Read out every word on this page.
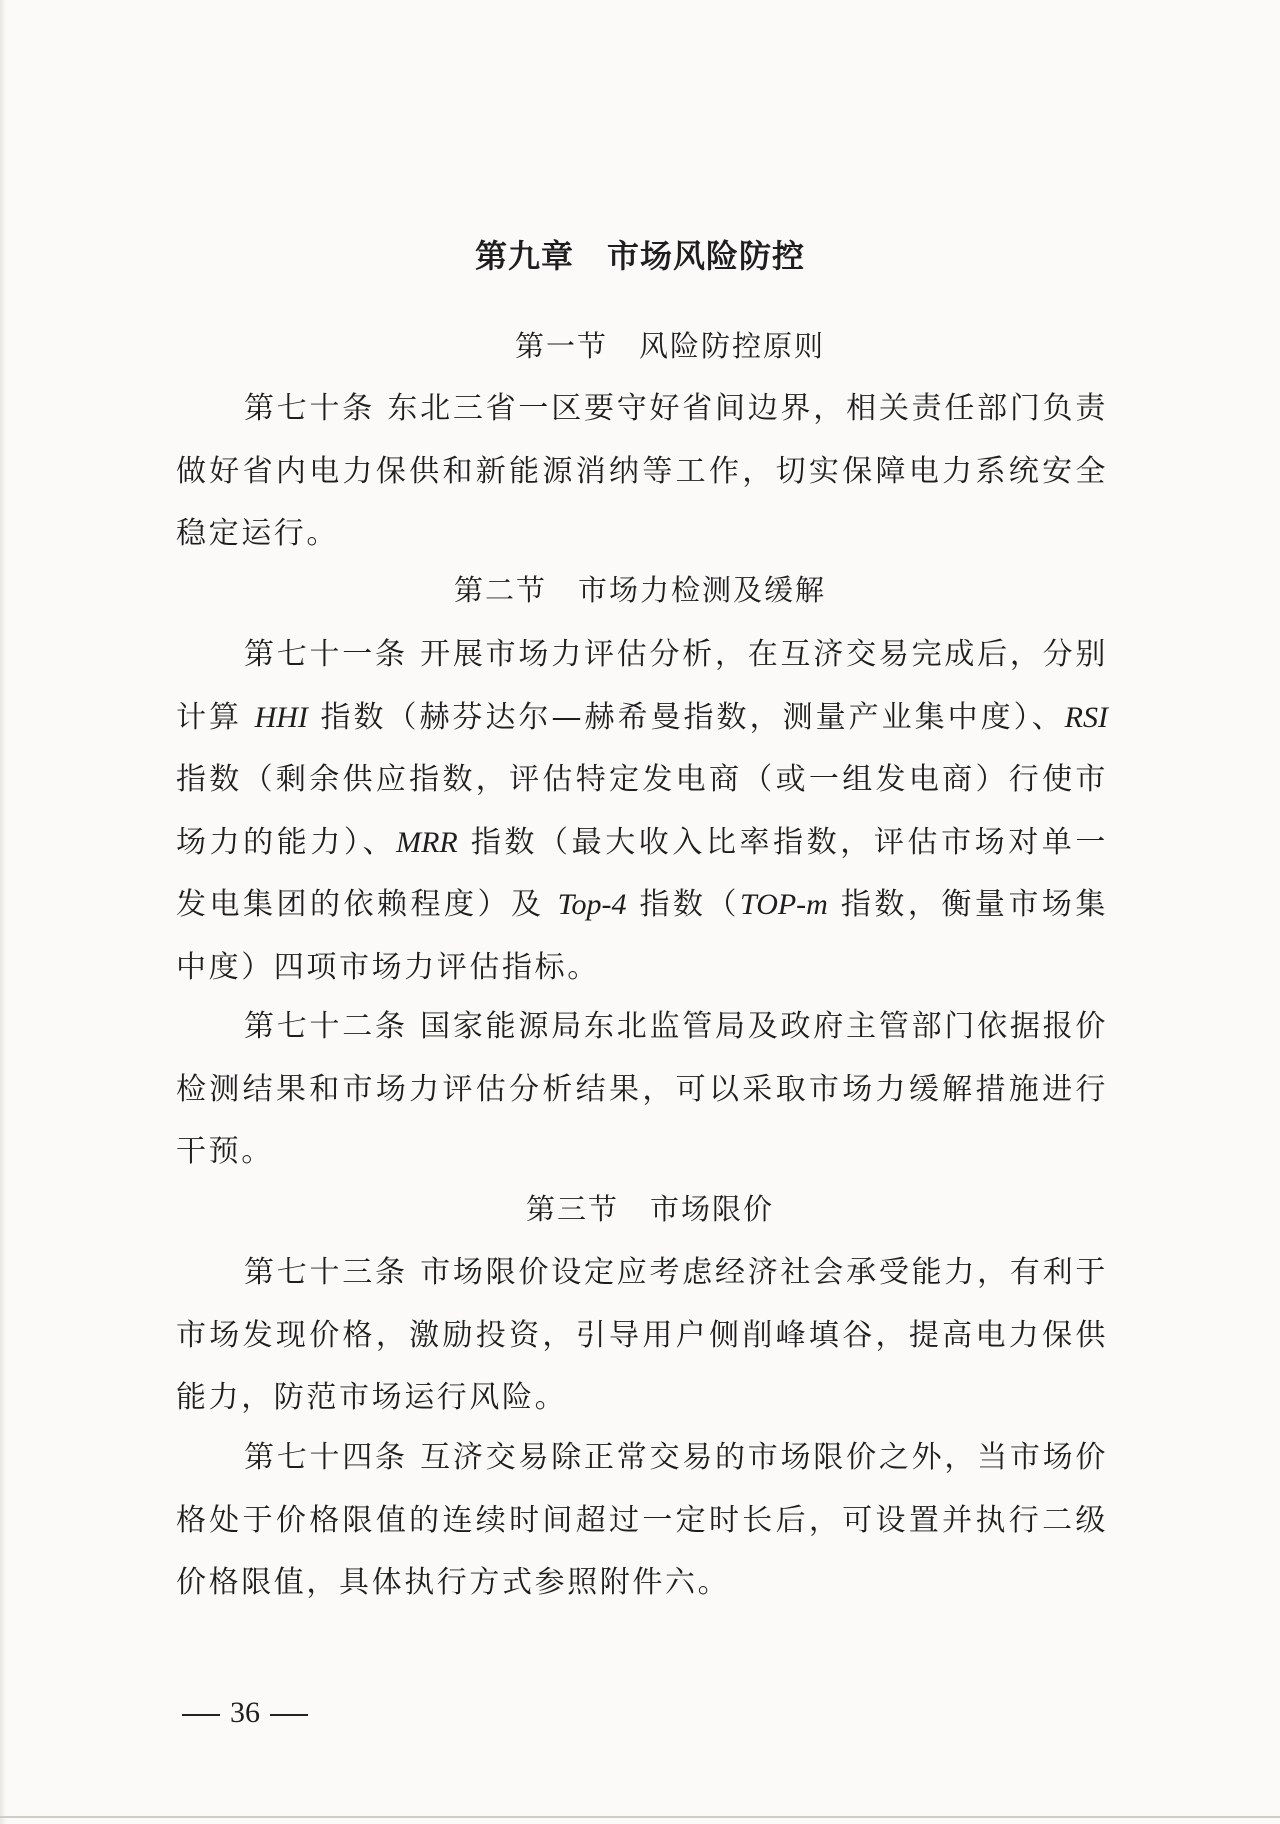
第九章　市场风险防控
第一节　风险防控原则

第七十条 东北三省一区要守好省间边界，相关责任部门负责做好省内电力保供和新能源消纳等工作，切实保障电力系统安全稳定运行。

第二节　市场力检测及缓解

第七十一条 开展市场力评估分析，在互济交易完成后，分别计算 HHI 指数（赫芬达尔—赫希曼指数，测量产业集中度）、RSI 指数（剩余供应指数，评估特定发电商（或一组发电商）行使市场力的能力）、MRR 指数（最大收入比率指数，评估市场对单一发电集团的依赖程度）及 Top-4 指数（TOP-m 指数，衡量市场集中度）四项市场力评估指标。

第七十二条 国家能源局东北监管局及政府主管部门依据报价检测结果和市场力评估分析结果，可以采取市场力缓解措施进行干预。

第三节　市场限价

第七十三条 市场限价设定应考虑经济社会承受能力，有利于市场发现价格，激励投资，引导用户侧削峰填谷，提高电力保供能力，防范市场运行风险。

第七十四条 互济交易除正常交易的市场限价之外，当市场价格处于价格限值的连续时间超过一定时长后，可设置并执行二级价格限值，具体执行方式参照附件六。

36
